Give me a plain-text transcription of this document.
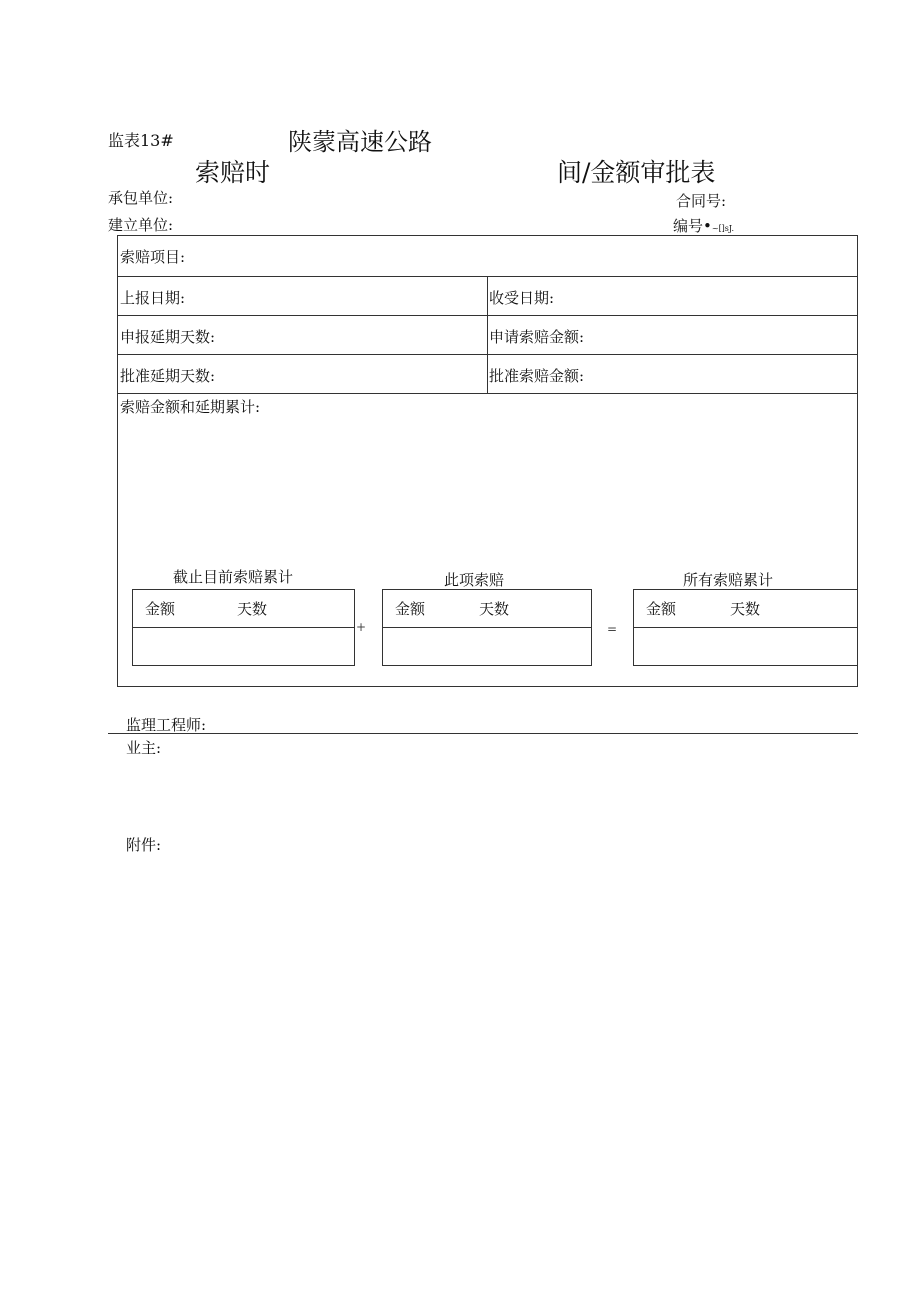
监表13#	陕蒙高速公路
索赔时	间/金额审批表
承包单位:
建立单位:
合同号:
编号•~[]sJ.
索赔项目:
上报日期:	收受日期:
申报延期天数:	申请索赔金额:
批准延期天数:	批准索赔金额:
索赔金额和延期累计:
截止目前索赔累计
金额	天数
+
此项索赔
金额	天数
=
所有索赔累计
金额	天数
监理工程师:
业主:
附件:
